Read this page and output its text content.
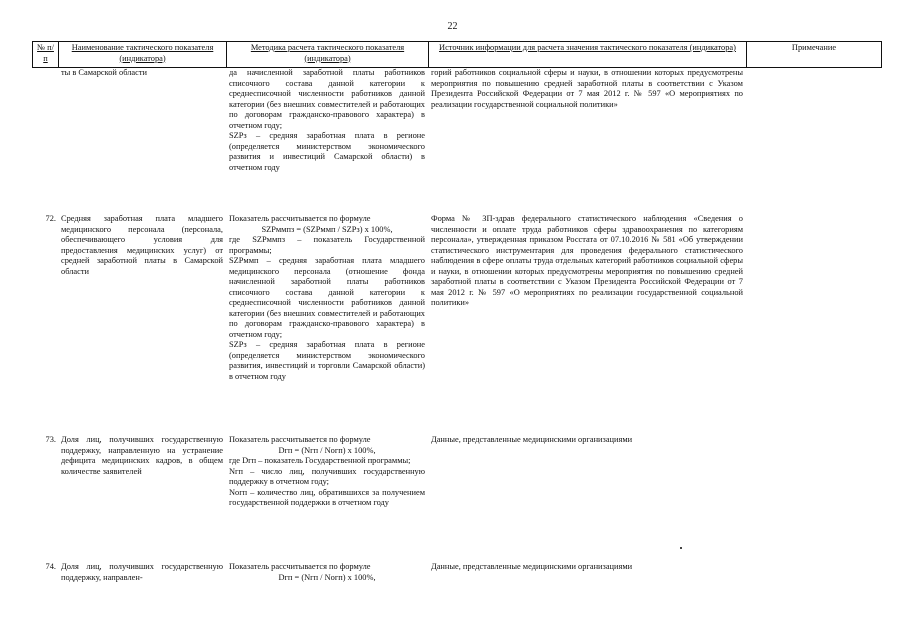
22
№ п/п
Наименование тактического показателя (индикатора)
Методика расчета тактического показателя (индикатора)
Источник информации для расчета значения тактического показателя (индикатора)	Примечание
ты в Самарской области	да начисленной заработной платы работников списочного состава данной категории к среднесписочной численности работников данной категории (без внешних совместителей и работающих по договорам гражданско-правового характера) в отчетном году;

SZPз – средняя заработная плата в регионе (определяется министерством экономического развития и инвестиций Самарской области) в отчетном году

горий работников социальной сферы и науки, в отношении которых предусмотрены мероприятия по повышению средней заработной платы в соответствии с Указом Президента Российской Федерации от 7 мая 2012 г. № 597 «О мероприятиях по реализации государственной социальной политики»
72. Средняя заработная плата младшего медицинского персонала (персонала, обеспечивающего условия для предоставления медицинских услуг) от средней заработной платы в Самарской области

Показатель рассчитывается по формуле

SZPммпз = (SZPммп / SZPз) х 100%,

где SZPммпз – показатель Государственной программы;

SZPммп – средняя заработная плата младшего медицинского персонала (отношение фонда начисленной заработной платы работников списочного состава данной категории к среднесписочной численности работников данной категории (без внешних совместителей и работающих по договорам гражданско-правового характера) в отчетном году;

SZPз – средняя заработная плата в регионе (определяется министерством экономического развития, инвестиций и торговли Самарской области) в отчетном году

Форма № ЗП-здрав федерального статистического наблюдения «Сведения о численности и оплате труда работников сферы здравоохранения по категориям персонала», утвержденная приказом Росстата от 07.10.2016 № 581 «Об утверждении статистического инструментария для проведения федерального статистического наблюдения в сфере оплаты труда отдельных категорий работников социальной сферы и науки, в отношении которых предусмотрены мероприятия по повышению средней заработной платы в соответствии с Указом Президента Российской Федерации от 7 мая 2012 г. № 597 «О мероприятиях по реализации государственной социальной политики»
73. Доля лиц, получивших государственную поддержку, направленную на устранение дефицита медицинских кадров, в общем количестве заявителей

Показатель рассчитывается по формуле

Dгп = (Nгп / Nогп) х 100%,

где Dгп – показатель Государственной программы;

Nгп – число лиц, получивших государственную поддержку в отчетном году;

Nогп – количество лиц, обратившихся за получением государственной поддержки в отчетном году

Данные, представленные медицинскими организациями
74. Доля лиц, получивших государственную поддержку, направлен-

Показатель рассчитывается по формуле

Dгп = (Nгп / Nогп) х 100%,

Данные, представленные медицинскими организациями
